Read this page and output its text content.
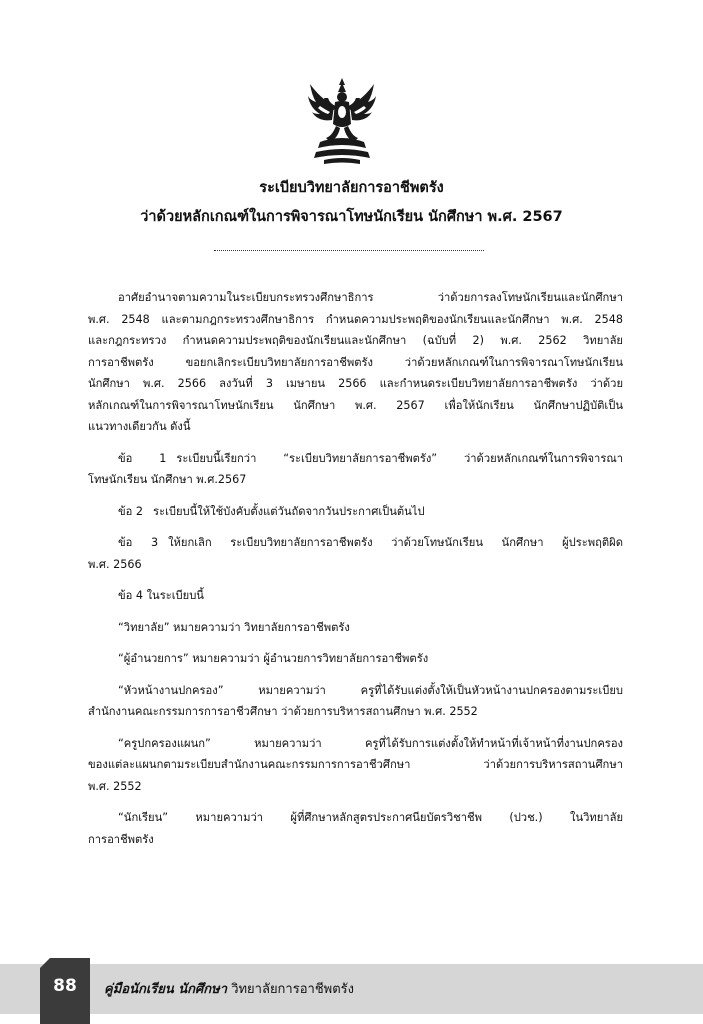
ระเบียบวิทยาลัยการอาชีพตรัง
ว่าด้วยหลักเกณฑ์ในการพิจารณาโทษนักเรียน นักศึกษา พ.ศ. 2567

อาศัยอำนาจตามความในระเบียบกระทรวงศึกษาธิการ ว่าด้วยการลงโทษนักเรียนและนักศึกษา
พ.ศ. 2548 และตามกฎกระทรวงศึกษาธิการ กำหนดความประพฤติของนักเรียนและนักศึกษา พ.ศ. 2548
และกฎกระทรวง กำหนดความประพฤติของนักเรียนและนักศึกษา (ฉบับที่ 2) พ.ศ. 2562 วิทยาลัย
การอาชีพตรัง ขอยกเลิกระเบียบวิทยาลัยการอาชีพตรัง ว่าด้วยหลักเกณฑ์ในการพิจารณาโทษนักเรียน
นักศึกษา พ.ศ. 2566 ลงวันที่ 3 เมษายน 2566 และกำหนดระเบียบวิทยาลัยการอาชีพตรัง ว่าด้วย
หลักเกณฑ์ในการพิจารณาโทษนักเรียน นักศึกษา พ.ศ. 2567 เพื่อให้นักเรียน นักศึกษาปฏิบัติเป็น
แนวทางเดียวกัน ดังนี้

ข้อ 1 ระเบียบนี้เรียกว่า “ระเบียบวิทยาลัยการอาชีพตรัง” ว่าด้วยหลักเกณฑ์ในการพิจารณา
โทษนักเรียน นักศึกษา พ.ศ.2567

ข้อ 2 ระเบียบนี้ให้ใช้บังคับตั้งแต่วันถัดจากวันประกาศเป็นต้นไป

ข้อ 3 ให้ยกเลิก ระเบียบวิทยาลัยการอาชีพตรัง ว่าด้วยโทษนักเรียน นักศึกษา ผู้ประพฤติผิด
พ.ศ. 2566

ข้อ 4 ในระเบียบนี้

“วิทยาลัย” หมายความว่า วิทยาลัยการอาชีพตรัง

“ผู้อำนวยการ” หมายความว่า ผู้อำนวยการวิทยาลัยการอาชีพตรัง

“หัวหน้างานปกครอง” หมายความว่า ครูที่ได้รับแต่งตั้งให้เป็นหัวหน้างานปกครองตามระเบียบ
สำนักงานคณะกรรมการการอาชีวศึกษา ว่าด้วยการบริหารสถานศึกษา พ.ศ. 2552

“ครูปกครองแผนก” หมายความว่า ครูที่ได้รับการแต่งตั้งให้ทำหน้าที่เจ้าหน้าที่งานปกครอง
ของแต่ละแผนกตามระเบียบสำนักงานคณะกรรมการการอาชีวศึกษา ว่าด้วยการบริหารสถานศึกษา
พ.ศ. 2552

“นักเรียน” หมายความว่า ผู้ที่ศึกษาหลักสูตรประกาศนียบัตรวิชาชีพ (ปวช.) ในวิทยาลัย
การอาชีพตรัง

88	คู่มือนักเรียน นักศึกษา วิทยาลัยการอาชีพตรัง
